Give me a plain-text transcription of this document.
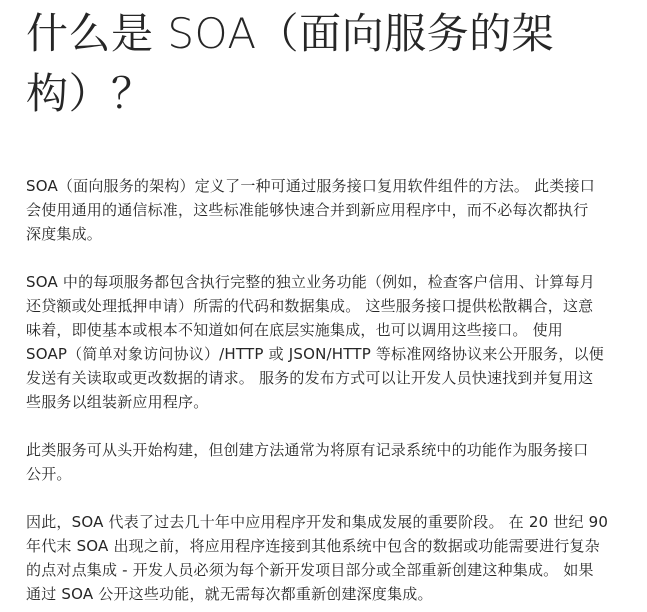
什么是 SOA（面向服务的架
构）？

SOA（面向服务的架构）定义了一种可通过服务接口复用软件组件的方法。 此类接口
会使用通用的通信标准，这些标准能够快速合并到新应用程序中，而不必每次都执行
深度集成。

SOA 中的每项服务都包含执行完整的独立业务功能（例如，检查客户信用、计算每月
还贷额或处理抵押申请）所需的代码和数据集成。 这些服务接口提供松散耦合，这意
味着，即使基本或根本不知道如何在底层实施集成，也可以调用这些接口。 使用
SOAP（简单对象访问协议）/HTTP 或 JSON/HTTP 等标准网络协议来公开服务，以便
发送有关读取或更改数据的请求。 服务的发布方式可以让开发人员快速找到并复用这
些服务以组装新应用程序。

此类服务可从头开始构建，但创建方法通常为将原有记录系统中的功能作为服务接口
公开。

因此，SOA 代表了过去几十年中应用程序开发和集成发展的重要阶段。 在 20 世纪 90
年代末 SOA 出现之前，将应用程序连接到其他系统中包含的数据或功能需要进行复杂
的点对点集成 - 开发人员必须为每个新开发项目部分或全部重新创建这种集成。 如果
通过 SOA 公开这些功能，就无需每次都重新创建深度集成。
